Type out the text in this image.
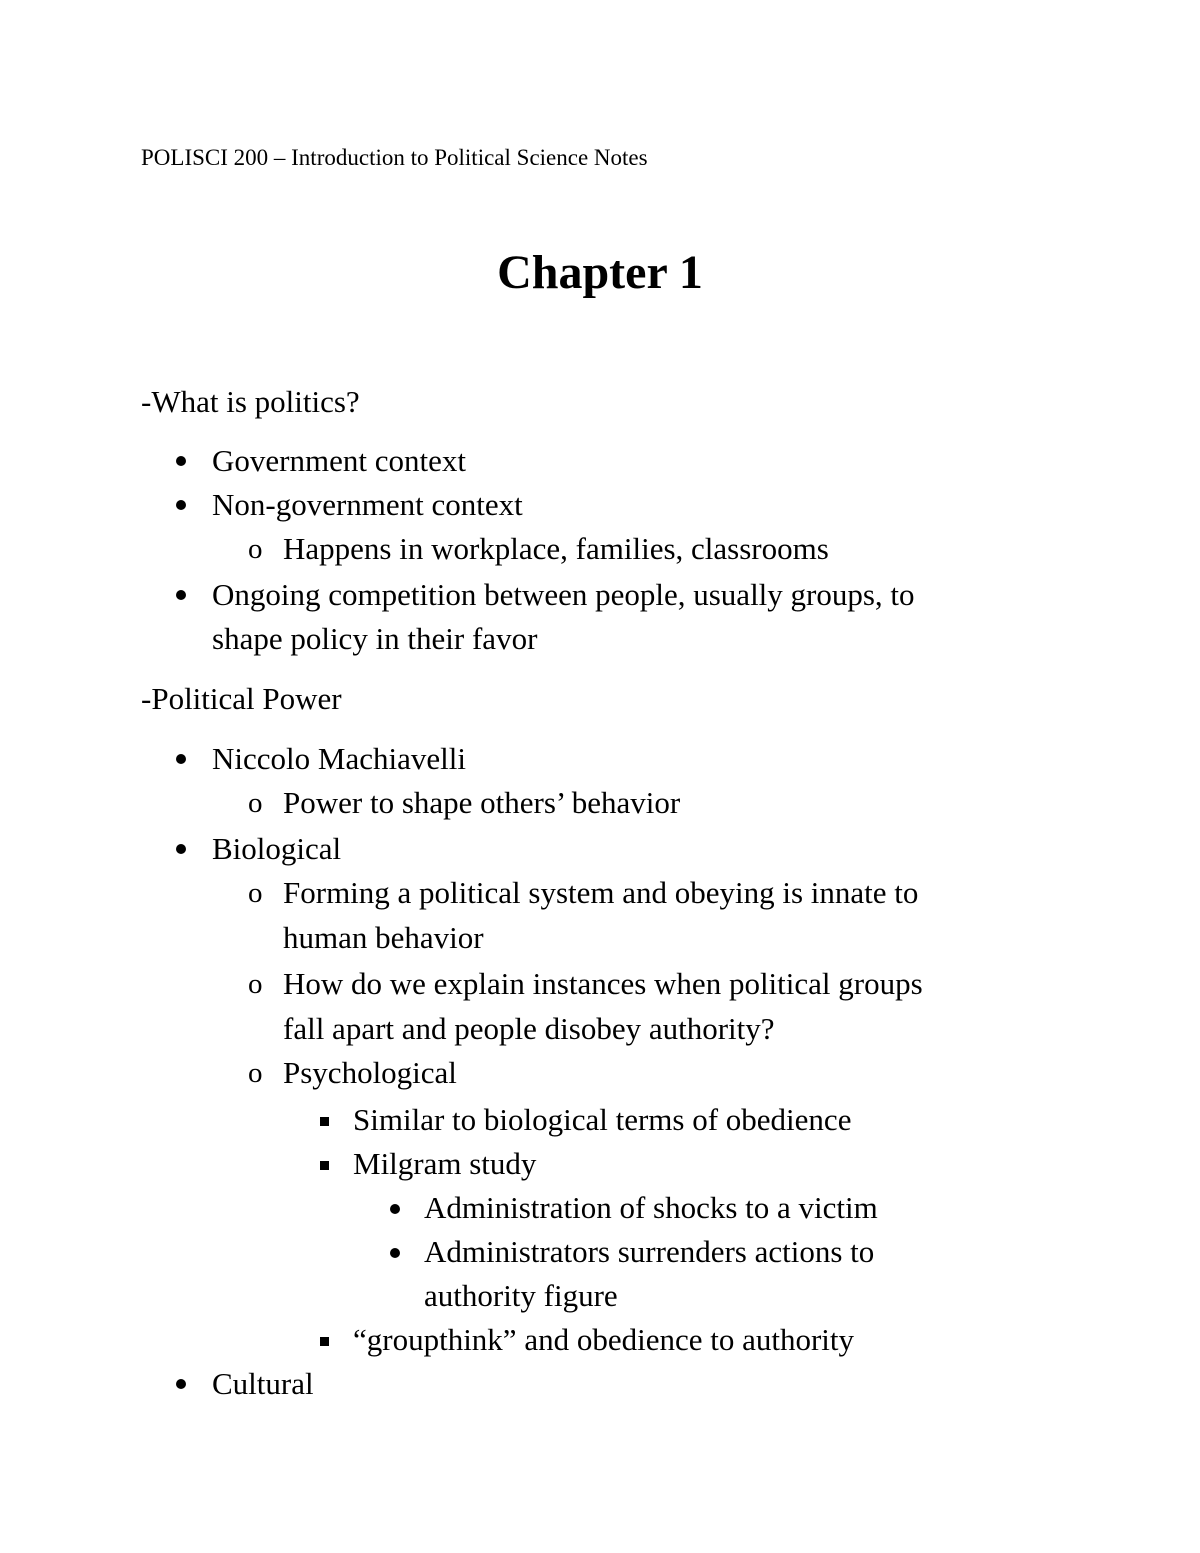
POLISCI 200 – Introduction to Political Science Notes
Chapter 1
-What is politics?
Government context
Non-government context
o Happens in workplace, families, classrooms
Ongoing competition between people, usually groups, to
shape policy in their favor
-Political Power
Niccolo Machiavelli
o Power to shape others’ behavior
Biological
o Forming a political system and obeying is innate to
human behavior
o How do we explain instances when political groups
fall apart and people disobey authority?
o Psychological
Similar to biological terms of obedience
Milgram study
Administration of shocks to a victim
Administrators surrenders actions to
authority figure
“groupthink” and obedience to authority
Cultural
